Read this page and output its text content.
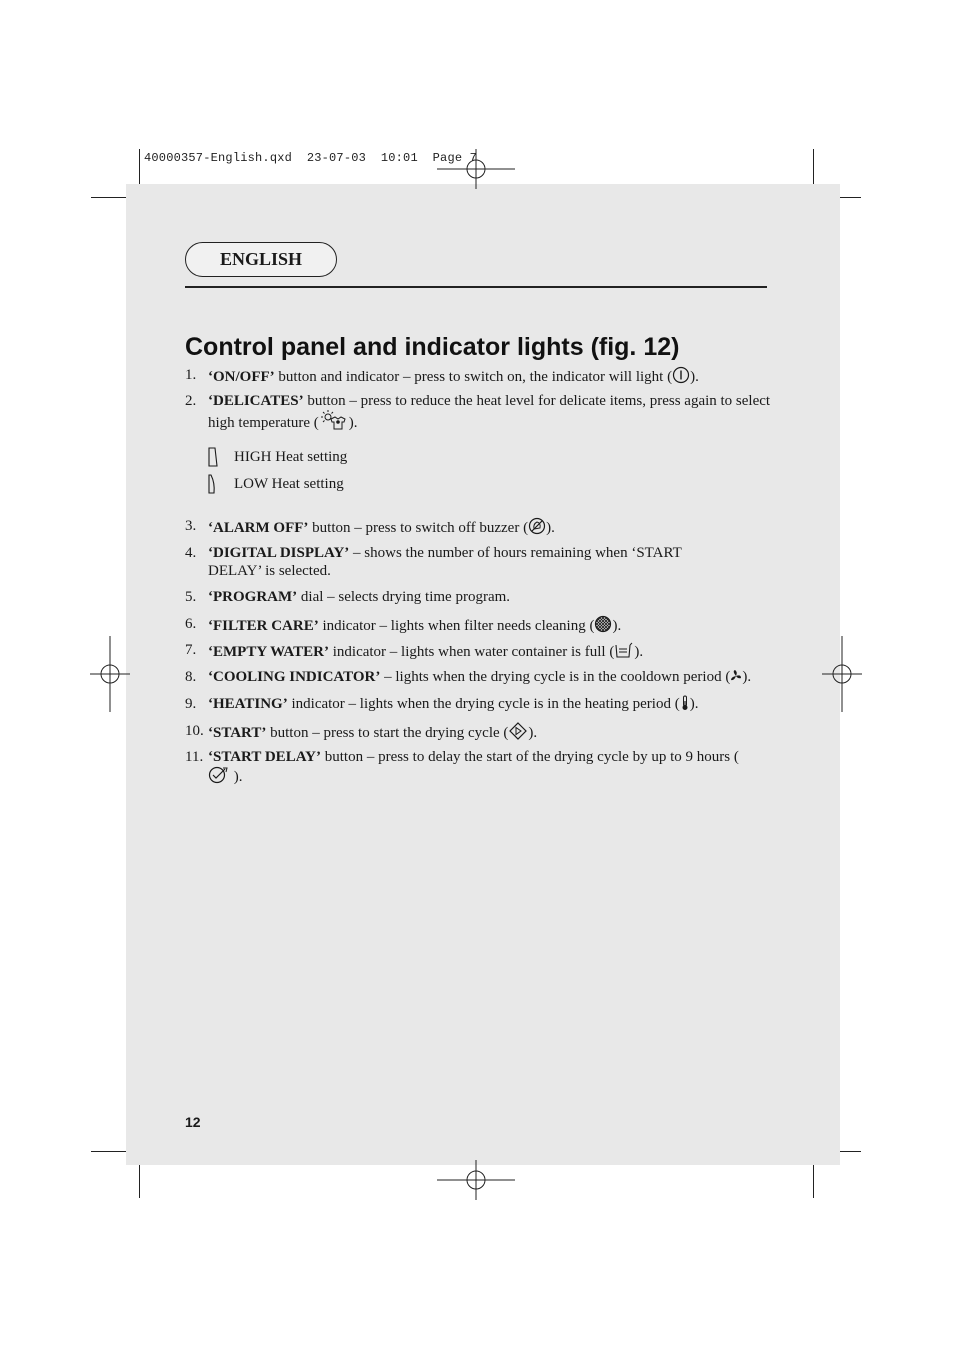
40000357-English.qxd  23-07-03  10:01  Page 7
ENGLISH
Control panel and indicator lights (fig. 12)
1. ‘ON/OFF’ button and indicator – press to switch on, the indicator will light ( ).
2. ‘DELICATES’ button – press to reduce the heat level for delicate items, press again to select high temperature ( ).
HIGH Heat setting
LOW Heat setting
3. ‘ALARM OFF’ button – press to switch off buzzer ( ).
4. ‘DIGITAL DISPLAY’ – shows the number of hours remaining when ‘START DELAY’ is selected.
5. ‘PROGRAM’ dial – selects drying time program.
6. ‘FILTER CARE’ indicator – lights when filter needs cleaning ( ).
7. ‘EMPTY WATER’ indicator – lights when water container is full ( ).
8. ‘COOLING INDICATOR’ – lights when the drying cycle is in the cooldown period ( ).
9. ‘HEATING’ indicator – lights when the drying cycle is in the heating period ( ).
10. ‘START’ button – press to start the drying cycle ( ).
11. ‘START DELAY’ button – press to delay the start of the drying cycle by up to 9 hours ( ).
12
